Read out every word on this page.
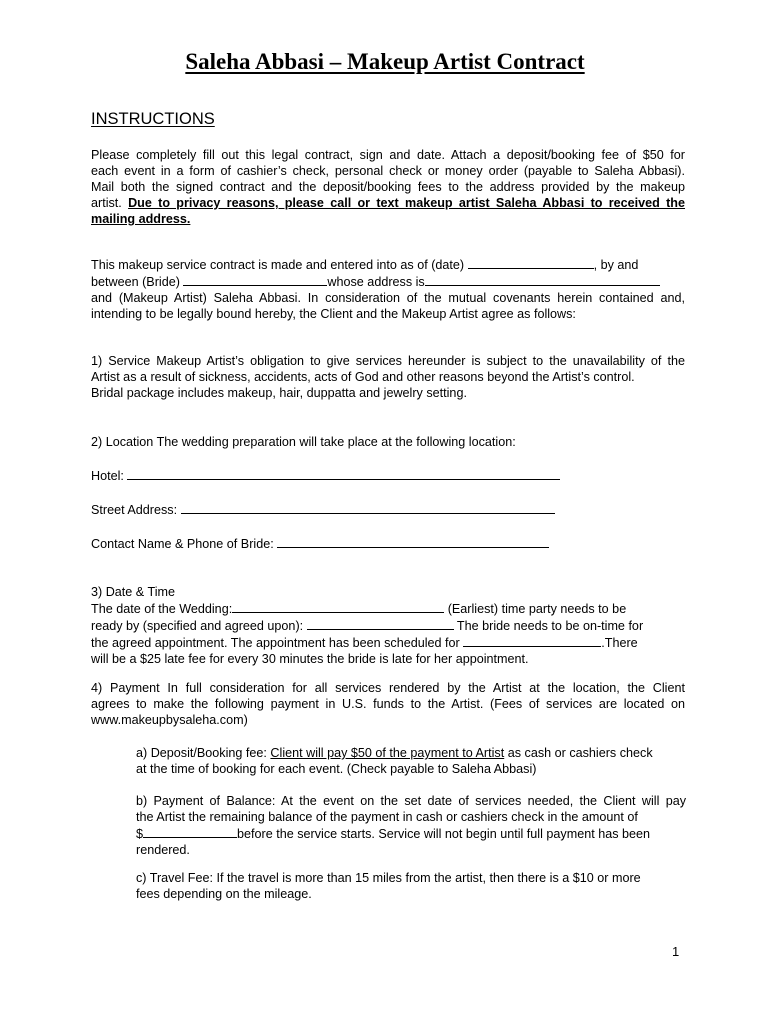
Saleha Abbasi – Makeup Artist Contract
INSTRUCTIONS
Please completely fill out this legal contract, sign and date. Attach a deposit/booking fee of $50 for
each event in a form of cashier’s check, personal check or money order (payable to Saleha Abbasi).
Mail both the signed contract and the deposit/booking fees to the address provided by the makeup
artist. Due to privacy reasons, please call or text makeup artist Saleha Abbasi to received the
mailing address.
This makeup service contract is made and entered into as of (date)	, by and
between (Bride)	whose address is
and (Makeup Artist) Saleha Abbasi. In consideration of the mutual covenants herein contained and,
intending to be legally bound hereby, the Client and the Makeup Artist agree as follows:
1) Service Makeup Artist’s obligation to give services hereunder is subject to the unavailability of the
Artist as a result of sickness, accidents, acts of God and other reasons beyond the Artist’s control.
Bridal package includes makeup, hair, duppatta and jewelry setting.
2) Location The wedding preparation will take place at the following location:
Hotel:
Street Address:
Contact Name & Phone of Bride:
3) Date & Time
The date of the Wedding:	(Earliest) time party needs to be
ready by (specified and agreed upon):	The bride needs to be on-time for
the agreed appointment. The appointment has been scheduled for	.There
will be a $25 late fee for every 30 minutes the bride is late for her appointment.
4) Payment In full consideration for all services rendered by the Artist at the location, the Client
agrees to make the following payment in U.S. funds to the Artist. (Fees of services are located on
www.makeupbysaleha.com)
a) Deposit/Booking fee: Client will pay $50 of the payment to Artist as cash or cashiers check
at the time of booking for each event. (Check payable to Saleha Abbasi)
b) Payment of Balance: At the event on the set date of services needed, the Client will pay
the Artist the remaining balance of the payment in cash or cashiers check in the amount of
$	before the service starts. Service will not begin until full payment has been
rendered.
c) Travel Fee: If the travel is more than 15 miles from the artist, then there is a $10 or more
fees depending on the mileage.
1
